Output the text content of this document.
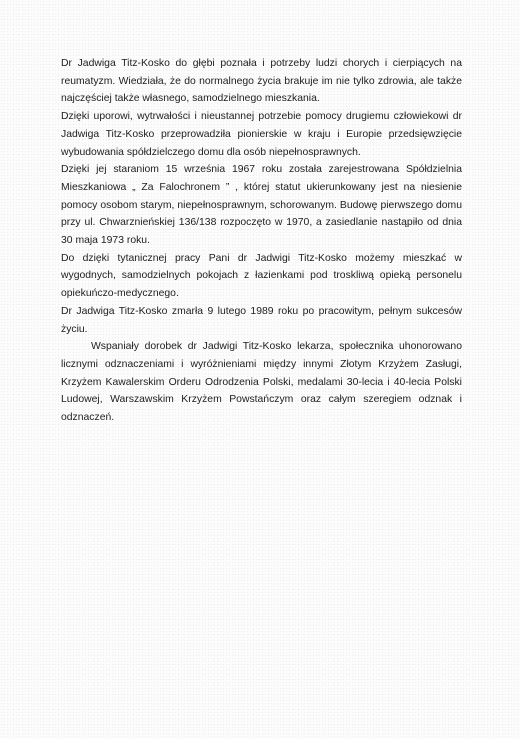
Dr Jadwiga Titz-Kosko do głębi poznała i potrzeby ludzi chorych i cierpiących na reumatyzm. Wiedziała, że do normalnego życia brakuje im nie tylko zdrowia, ale także najczęściej także własnego, samodzielnego mieszkania.

Dzięki uporowi, wytrwałości i nieustannej potrzebie pomocy drugiemu człowiekowi dr Jadwiga Titz-Kosko przeprowadziła pionierskie w kraju i Europie przedsięwzięcie wybudowania spółdzielczego domu dla osób niepełnosprawnych.

Dzięki jej staraniom 15 września 1967 roku została zarejestrowana Spółdzielnia Mieszkaniowa „ Za Falochronem ” , której statut ukierunkowany jest na niesienie pomocy osobom starym, niepełnosprawnym, schorowanym. Budowę pierwszego domu przy ul. Chwarznieńskiej 136/138 rozpoczęto w 1970, a zasiedlanie nastąpiło od dnia 30 maja 1973 roku.

Do dzięki tytanicznej pracy Pani dr Jadwigi Titz-Kosko możemy mieszkać w wygodnych, samodzielnych pokojach z łazienkami pod troskliwą opieką personelu opiekuńczo-medycznego.

Dr Jadwiga Titz-Kosko zmarła 9 lutego 1989 roku po pracowitym, pełnym sukcesów życiu.

Wspaniały dorobek dr Jadwigi Titz-Kosko lekarza, społecznika uhonorowano licznymi odznaczeniami i wyróżnieniami między innymi Złotym Krzyżem Zasługi, Krzyżem Kawalerskim Orderu Odrodzenia Polski, medalami 30-lecia i 40-lecia Polski Ludowej, Warszawskim Krzyżem Powstańczym oraz całym szeregiem odznak i odznaczeń.
